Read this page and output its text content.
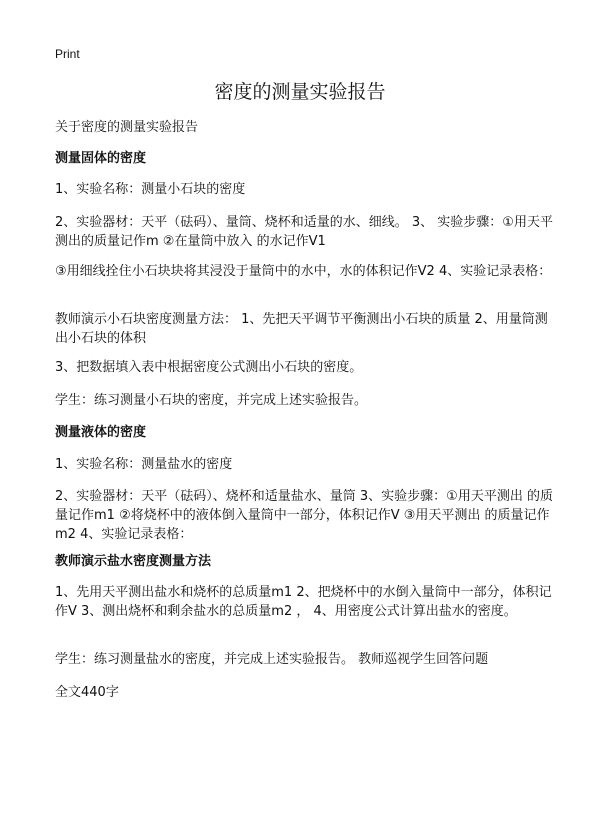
Print
密度的测量实验报告

关于密度的测量实验报告

测量固体的密度

1、实验名称：测量小石块的密度

2、实验器材：天平（砝码）、量筒、烧杯和适量的水、细线。 3、 实验步骤：①用天平测出的质量记作m ②在量筒中放入 的水记作V1

③用细线拴住小石块块将其浸没于量筒中的水中，水的体积记作V2 4、实验记录表格：

教师演示小石块密度测量方法： 1、先把天平调节平衡测出小石块的质量 2、用量筒测出小石块的体积

3、把数据填入表中根据密度公式测出小石块的密度。

学生：练习测量小石块的密度，并完成上述实验报告。

测量液体的密度

1、实验名称：测量盐水的密度

2、实验器材：天平（砝码）、烧杯和适量盐水、量筒 3、实验步骤：①用天平测出 的质量记作m1 ②将烧杯中的液体倒入量筒中一部分，体积记作V ③用天平测出 的质量记作m2 4、实验记录表格：

教师演示盐水密度测量方法

1、先用天平测出盐水和烧杯的总质量m1 2、把烧杯中的水倒入量筒中一部分，体积记作V 3、测出烧杯和剩余盐水的总质量m2 ， 4、用密度公式计算出盐水的密度。

学生：练习测量盐水的密度，并完成上述实验报告。 教师巡视学生回答问题

全文440字
